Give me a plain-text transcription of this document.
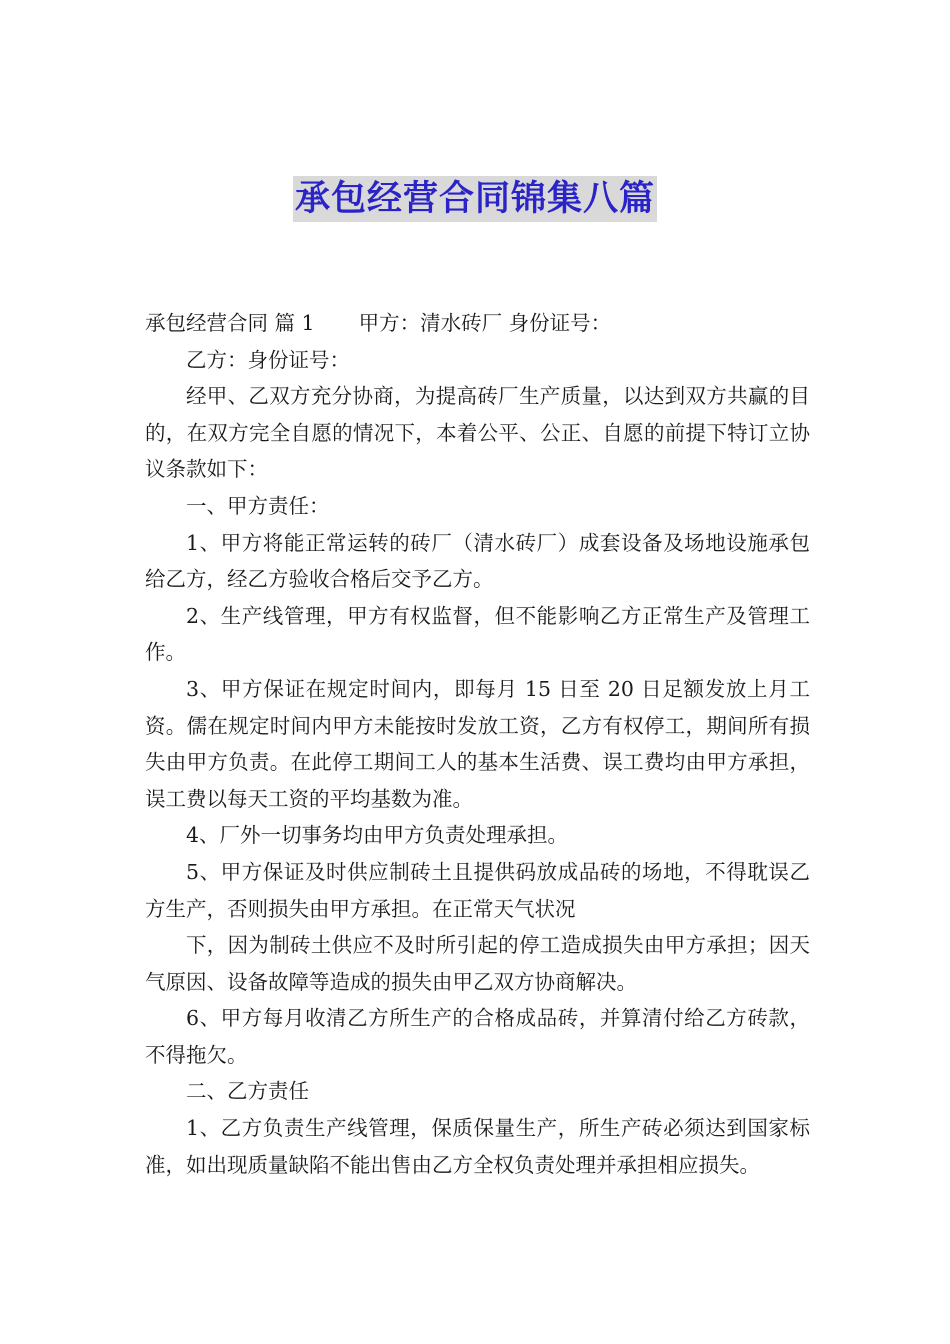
承包经营合同锦集八篇

承包经营合同 篇 1 甲方：清水砖厂 身份证号：

乙方：身份证号：

经甲、乙双方充分协商，为提高砖厂生产质量，以达到双方共赢的目的，在双方完全自愿的情况下，本着公平、公正、自愿的前提下特订立协议条款如下：

一、甲方责任：

1、甲方将能正常运转的砖厂（清水砖厂）成套设备及场地设施承包给乙方，经乙方验收合格后交予乙方。

2、生产线管理，甲方有权监督，但不能影响乙方正常生产及管理工作。

3、甲方保证在规定时间内，即每月 15 日至 20 日足额发放上月工资。儒在规定时间内甲方未能按时发放工资，乙方有权停工，期间所有损失由甲方负责。在此停工期间工人的基本生活费、误工费均由甲方承担，误工费以每天工资的平均基数为准。

4、厂外一切事务均由甲方负责处理承担。

5、甲方保证及时供应制砖土且提供码放成品砖的场地，不得耽误乙方生产，否则损失由甲方承担。在正常天气状况

下，因为制砖土供应不及时所引起的停工造成损失由甲方承担；因天气原因、设备故障等造成的损失由甲乙双方协商解决。

6、甲方每月收清乙方所生产的合格成品砖，并算清付给乙方砖款，不得拖欠。

二、乙方责任

1、乙方负责生产线管理，保质保量生产，所生产砖必须达到国家标准，如出现质量缺陷不能出售由乙方全权负责处理并承担相应损失。
